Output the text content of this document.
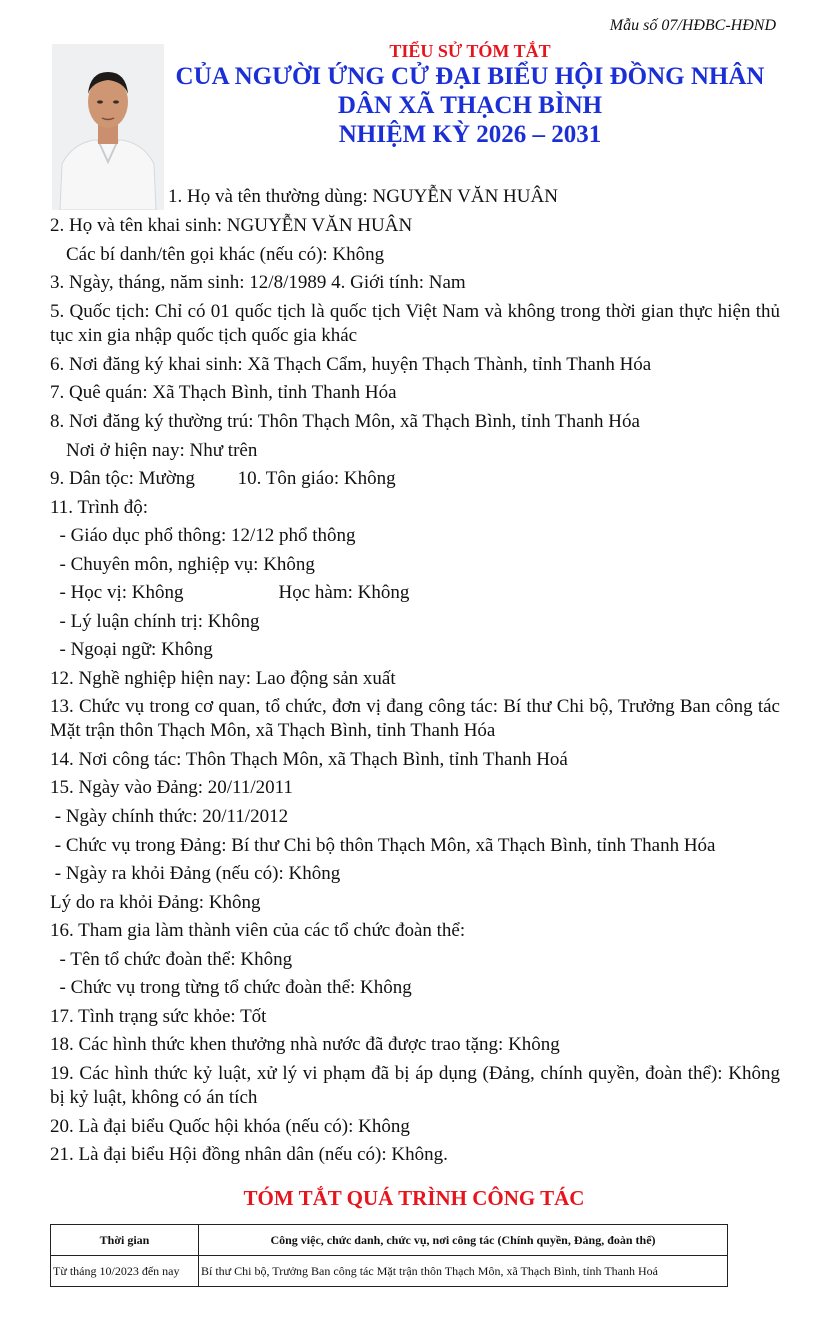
Mẫu số 07/HĐBC-HĐND
TIỂU SỬ TÓM TẮT
CỦA NGƯỜI ỨNG CỬ ĐẠI BIỂU HỘI ĐỒNG NHÂN
DÂN XÃ THẠCH BÌNH
NHIỆM KỲ 2026 – 2031
1. Họ và tên thường dùng: NGUYỄN VĂN HUÂN
2. Họ và tên khai sinh: NGUYỄN VĂN HUÂN
Các bí danh/tên gọi khác (nếu có): Không
3. Ngày, tháng, năm sinh: 12/8/1989 4. Giới tính: Nam
5. Quốc tịch: Chỉ có 01 quốc tịch là quốc tịch Việt Nam và không trong thời gian thực hiện thủ tục xin gia nhập quốc tịch quốc gia khác
6. Nơi đăng ký khai sinh: Xã Thạch Cẩm, huyện Thạch Thành, tỉnh Thanh Hóa
7. Quê quán: Xã Thạch Bình, tỉnh Thanh Hóa
8. Nơi đăng ký thường trú: Thôn Thạch Môn, xã Thạch Bình, tỉnh Thanh Hóa
Nơi ở hiện nay: Như trên
9. Dân tộc: Mường         10. Tôn giáo: Không
11. Trình độ:
- Giáo dục phổ thông: 12/12 phổ thông
- Chuyên môn, nghiệp vụ: Không
- Học vị: Không                    Học hàm: Không
- Lý luận chính trị: Không
- Ngoại ngữ: Không
12. Nghề nghiệp hiện nay: Lao động sản xuất
13. Chức vụ trong cơ quan, tổ chức, đơn vị đang công tác: Bí thư Chi bộ, Trưởng Ban công tác Mặt trận thôn Thạch Môn, xã Thạch Bình, tỉnh Thanh Hóa
14. Nơi công tác: Thôn Thạch Môn, xã Thạch Bình, tỉnh Thanh Hoá
15. Ngày vào Đảng: 20/11/2011
- Ngày chính thức: 20/11/2012
- Chức vụ trong Đảng: Bí thư Chi bộ thôn Thạch Môn, xã Thạch Bình, tỉnh Thanh Hóa
- Ngày ra khỏi Đảng (nếu có): Không
Lý do ra khỏi Đảng: Không
16. Tham gia làm thành viên của các tổ chức đoàn thể:
- Tên tổ chức đoàn thể: Không
- Chức vụ trong từng tổ chức đoàn thể: Không
17. Tình trạng sức khỏe: Tốt
18. Các hình thức khen thưởng nhà nước đã được trao tặng: Không
19. Các hình thức kỷ luật, xử lý vi phạm đã bị áp dụng (Đảng, chính quyền, đoàn thể): Không bị kỷ luật, không có án tích
20. Là đại biểu Quốc hội khóa (nếu có): Không
21. Là đại biểu Hội đồng nhân dân (nếu có): Không.
TÓM TẮT QUÁ TRÌNH CÔNG TÁC
Thời gian	Công việc, chức danh, chức vụ, nơi công tác (Chính quyền, Đảng, đoàn thể)
Từ tháng 10/2023 đến nay	Bí thư Chi bộ, Trưởng Ban công tác Mặt trận thôn Thạch Môn, xã Thạch Bình, tỉnh Thanh Hoá
